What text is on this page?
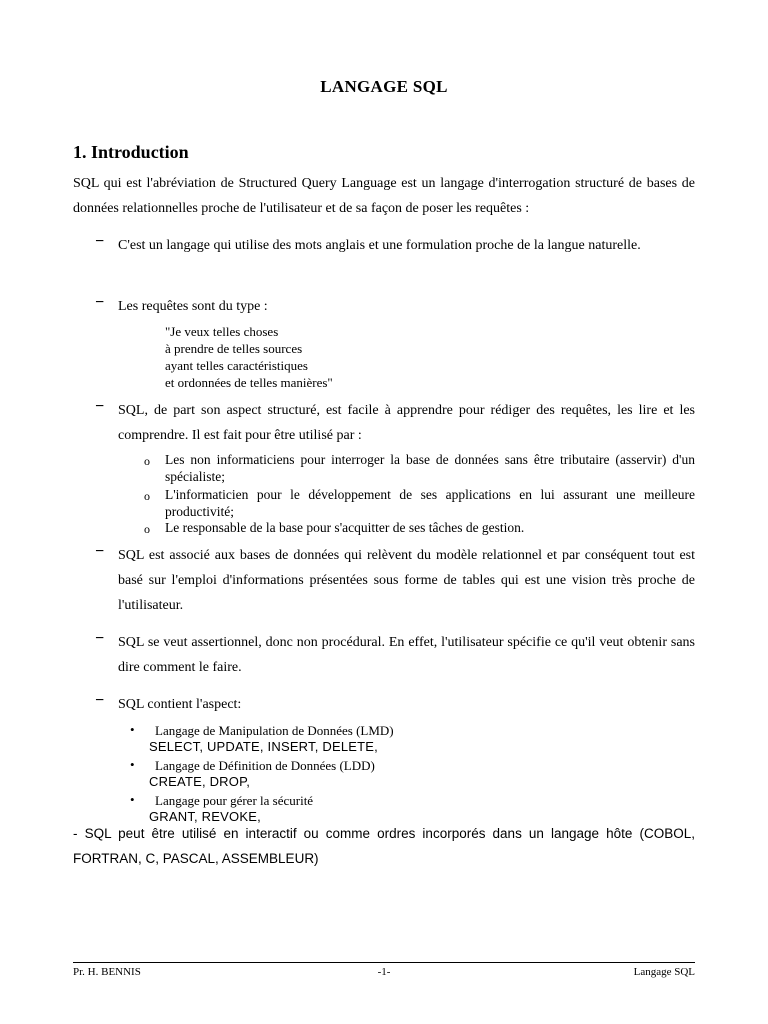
LANGAGE SQL
1. Introduction
SQL qui est l'abréviation de Structured Query Language est un langage d'interrogation structuré de bases de données relationnelles proche de l'utilisateur et de sa façon de poser les requêtes :
− C'est un langage qui utilise des mots anglais et une formulation proche de la langue naturelle.
− Les requêtes sont du type :
"Je veux telles choses
à prendre de telles sources
ayant telles caractéristiques
et ordonnées de telles manières"
− SQL, de part son aspect structuré, est facile à apprendre pour rédiger des requêtes, les lire et les comprendre. Il est fait pour être utilisé par :
o Les non informaticiens pour interroger la base de données sans être tributaire (asservir) d'un spécialiste;
o L'informaticien pour le développement de ses applications en lui assurant une meilleure productivité;
o Le responsable de la base pour s'acquitter de ses tâches de gestion.
− SQL est associé aux bases de données qui relèvent du modèle relationnel et par conséquent tout est basé sur l'emploi d'informations présentées sous forme de tables qui est une vision très proche de l'utilisateur.
− SQL se veut assertionnel, donc non procédural. En effet, l'utilisateur spécifie ce qu'il veut obtenir sans dire comment le faire.
− SQL contient l'aspect:
• Langage de Manipulation de Données (LMD)
SELECT, UPDATE, INSERT, DELETE,
• Langage de Définition de Données (LDD)
CREATE, DROP,
• Langage pour gérer la sécurité
GRANT, REVOKE,
- SQL peut être utilisé en interactif ou comme ordres incorporés dans un langage hôte (COBOL, FORTRAN, C, PASCAL, ASSEMBLEUR)
Pr. H. BENNIS	-1-	Langage SQL
